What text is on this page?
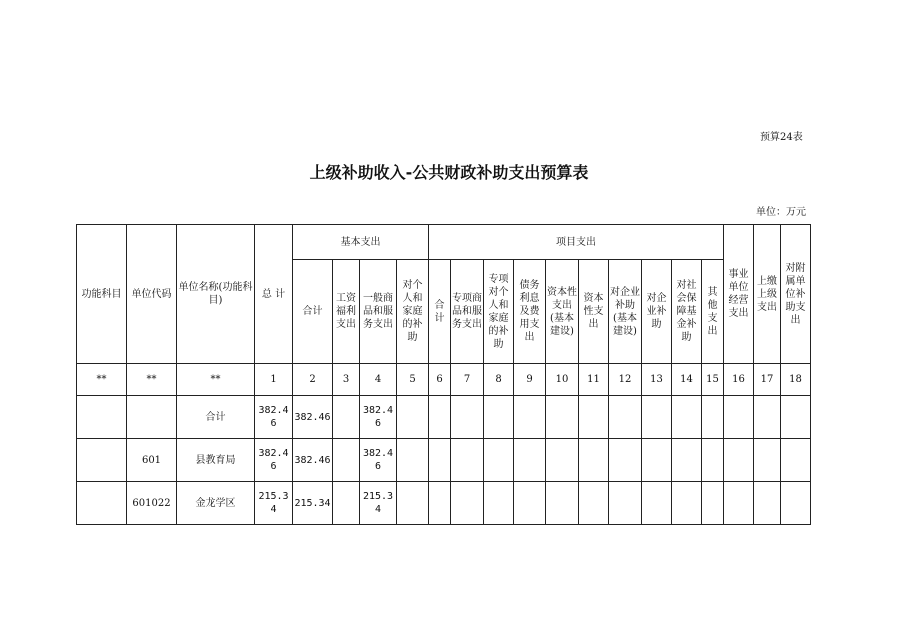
预算24表
上级补助收入-公共财政补助支出预算表
单位：万元
功能科目	单位代码	单位名称(功能科目)	总 计	基本支出				项目支出										事业单位经营支出	上缴上级支出	对附属单位补助支出
				合计	工资福利支出	一般商品和服务支出	对个人和家庭的补助	合计	专项商品和服务支出	专项对个人和家庭的补助	债务利息及费用支出	资本性支出(基本建设)	资本性支出	对企业补助(基本建设)	对企业补助	对社会保障基金补助	其他支出			
**	**	**	1	2	3	4	5	6	7	8	9	10	11	12	13	14	15	16	17	18
		合计	382.46	382.46		382.46														
	601	县教育局	382.46	382.46		382.46														
	601022	金龙学区	215.34	215.34		215.34														
